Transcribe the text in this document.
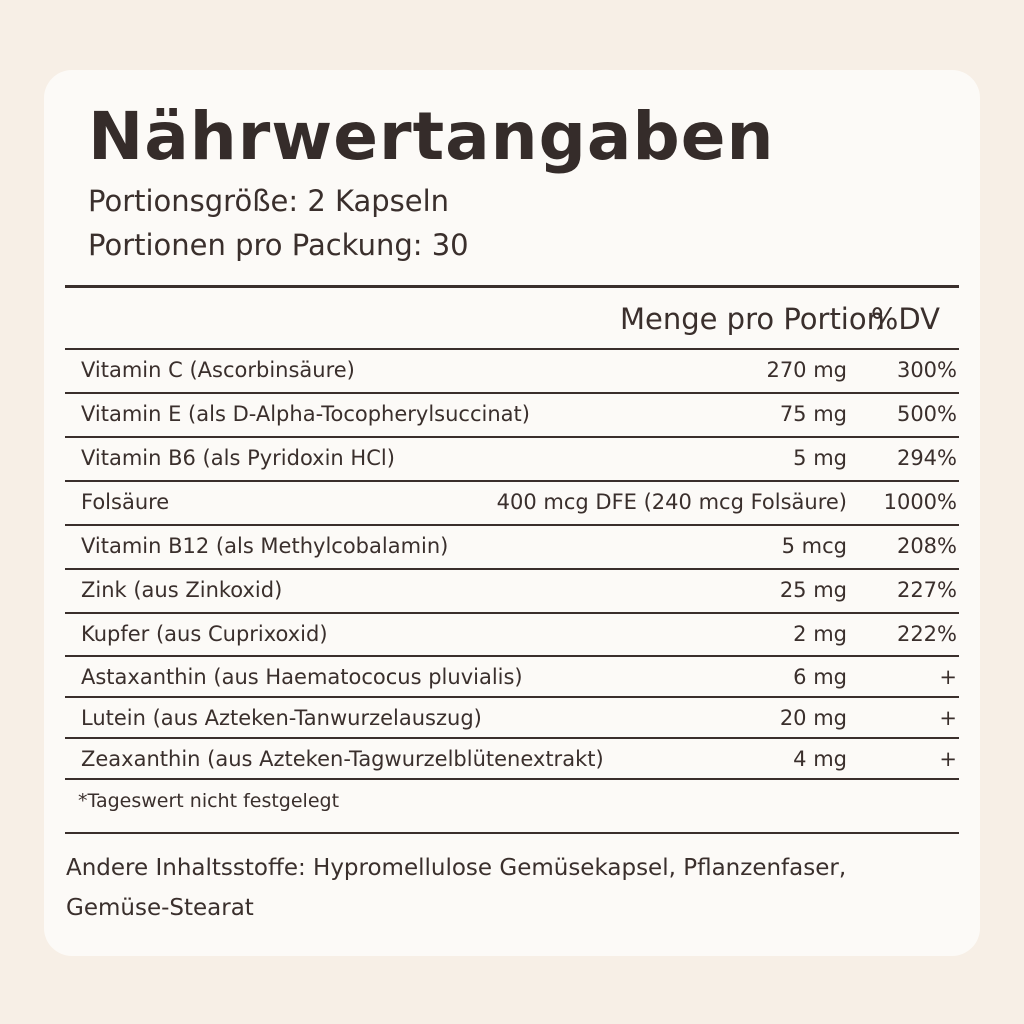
Nährwertangaben
Portionsgröße: 2 Kapseln
Portionen pro Packung: 30
Menge pro Portion
%DV
Vitamin C (Ascorbinsäure)	270 mg	300%
Vitamin E (als D-Alpha-Tocopherylsuccinat)	75 mg	500%
Vitamin B6 (als Pyridoxin HCl)	5 mg	294%
Folsäure	400 mcg DFE (240 mcg Folsäure)	1000%
Vitamin B12 (als Methylcobalamin)	5 mcg	208%
Zink (aus Zinkoxid)	25 mg	227%
Kupfer (aus Cuprixoxid)	2 mg	222%
Astaxanthin (aus Haematococus pluvialis)	6 mg	+
Lutein (aus Azteken-Tanwurzelauszug)	20 mg	+
Zeaxanthin (aus Azteken-Tagwurzelblütenextrakt)	4 mg	+
*Tageswert nicht festgelegt
Andere Inhaltsstoffe: Hypromellulose Gemüsekapsel, Pflanzenfaser, Gemüse-Stearat
